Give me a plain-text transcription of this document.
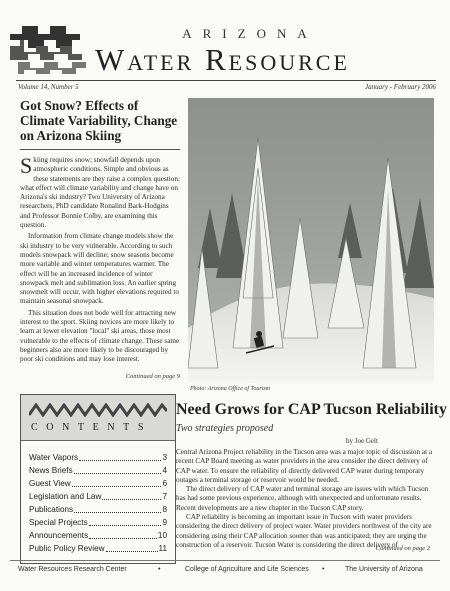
ARIZONA
Water Resource
Volume 14, Number 5	January - February 2006
Got Snow? Effects of Climate Variability, Change on Arizona Skiing

Skiing requires snow; snowfall depends upon atmospheric conditions. Simple and obvious as these statements are they raise a complex question: what effect will climate variability and change have on Arizona's ski industry? Two University of Arizona researchers, PhD candidate Ronalind Bark-Hodgins and Professor Bonnie Colby, are examining this question.

Information from climate change models show the ski industry to be very vulnerable. According to such models snowpack will decline; snow seasons become more variable and winter temperatures warmer. The effect will be an increased incidence of winter snowpack melt and sublimation loss. An earlier spring snowmelt will occur, with higher elevations required to maintain seasonal snowpack.

This situation does not bode well for attracting new interest to the sport. Skiing novices are more likely to learn at lower elevation "local" ski areas, those most vulnerable to the effects of climate change. These same beginners also are more likely to be discouraged by poor ski conditions and may lose interest.

Continued on page 9
CONTENTS
Water Vapors	3
News Briefs	4
Guest View	6
Legislation and Law	7
Publications	8
Special Projects	9
Announcements	10
Public Policy Review	11
Photo: Arizona Office of Tourism
Need Grows for CAP Tucson Reliability
Two strategies proposed
by Joe Gelt

Central Arizona Project reliability in the Tucson area was a major topic of discussion at a recent CAP Board meeting as water providers in the area consider the direct delivery of CAP water. To ensure the reliability of directly delivered CAP water during temporary outages a terminal storage or reservoir would be needed.

The direct delivery of CAP water and terminal storage are issues with which Tucson has had some previous experience, although with unexpected and unfortunate results. Recent developments are a new chapter in the Tucson CAP story.

CAP reliability is becoming an important issue in Tucson with water providers considering the direct delivery of project water. Water providers northwest of the city are considering using their CAP allocation sooner than was anticipated; they are urging the construction of a reservoir. Tucson Water is considering the direct delivery of

Continued on page 2
Water Resources Research Center	•	College of Agriculture and Life Sciences •	The University of Arizona
